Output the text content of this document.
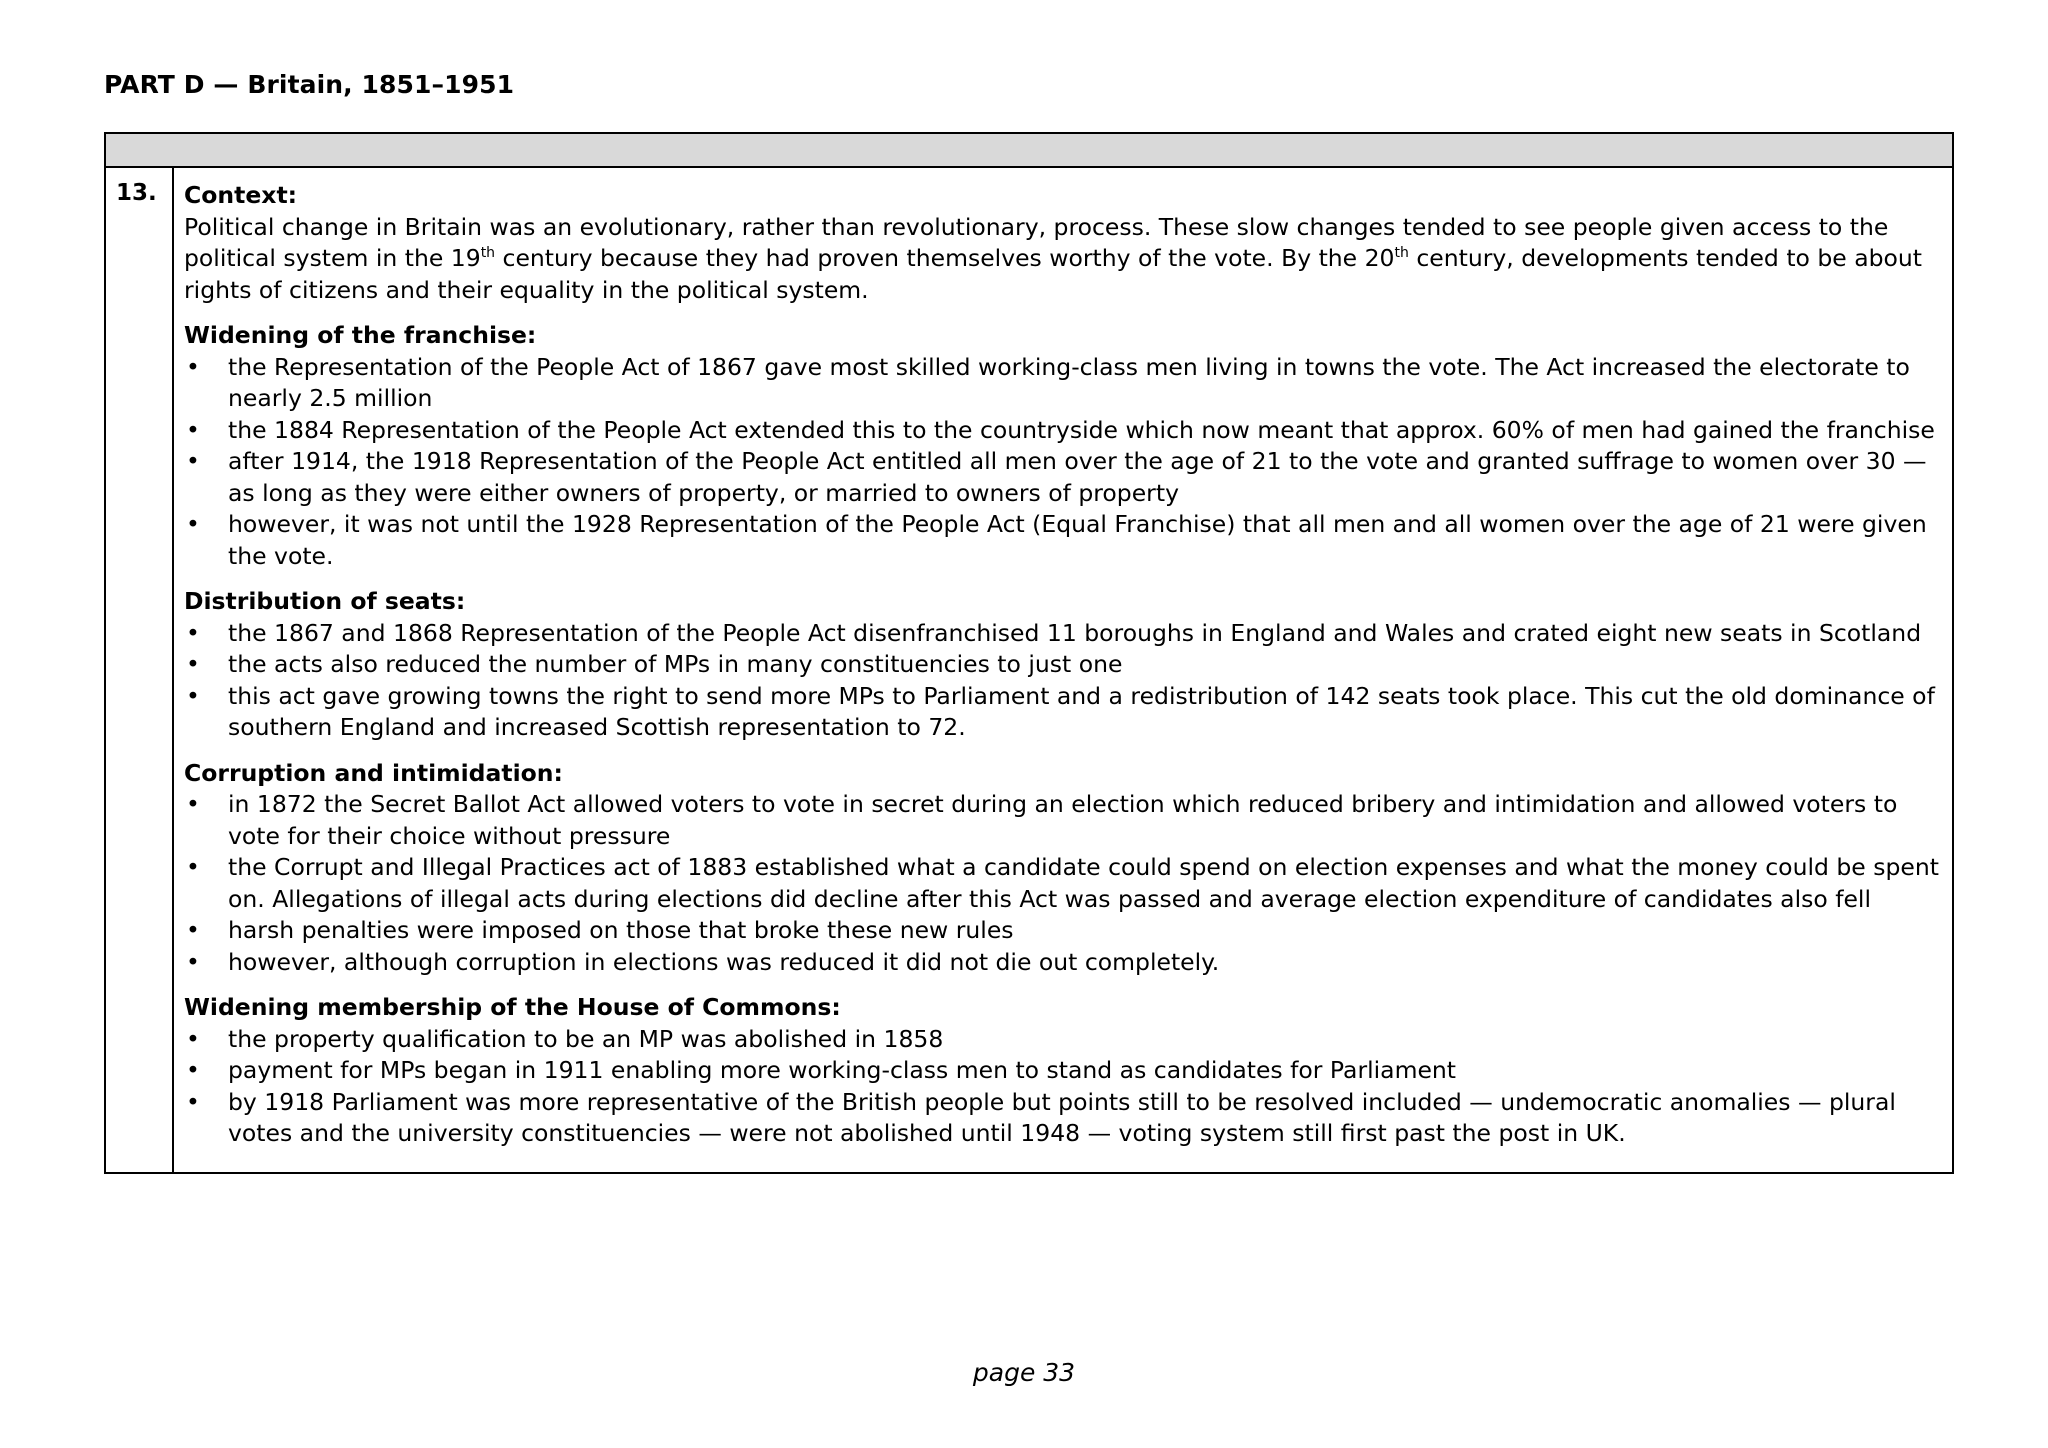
PART D — Britain, 1851–1951
13.	Context:

Political change in Britain was an evolutionary, rather than revolutionary, process. These slow changes tended to see people given access to the political system in the 19th century because they had proven themselves worthy of the vote. By the 20th century, developments tended to be about rights of citizens and their equality in the political system.

Widening of the franchise:
• the Representation of the People Act of 1867 gave most skilled working-class men living in towns the vote. The Act increased the electorate to nearly 2.5 million
• the 1884 Representation of the People Act extended this to the countryside which now meant that approx. 60% of men had gained the franchise
• after 1914, the 1918 Representation of the People Act entitled all men over the age of 21 to the vote and granted suffrage to women over 30 — as long as they were either owners of property, or married to owners of property
• however, it was not until the 1928 Representation of the People Act (Equal Franchise) that all men and all women over the age of 21 were given the vote.
Distribution of seats:
• the 1867 and 1868 Representation of the People Act disenfranchised 11 boroughs in England and Wales and crated eight new seats in Scotland
• the acts also reduced the number of MPs in many constituencies to just one
• this act gave growing towns the right to send more MPs to Parliament and a redistribution of 142 seats took place. This cut the old dominance of southern England and increased Scottish representation to 72.
Corruption and intimidation:
• in 1872 the Secret Ballot Act allowed voters to vote in secret during an election which reduced bribery and intimidation and allowed voters to vote for their choice without pressure
• the Corrupt and Illegal Practices act of 1883 established what a candidate could spend on election expenses and what the money could be spent on. Allegations of illegal acts during elections did decline after this Act was passed and average election expenditure of candidates also fell
• harsh penalties were imposed on those that broke these new rules
• however, although corruption in elections was reduced it did not die out completely.
Widening membership of the House of Commons:
• the property qualification to be an MP was abolished in 1858
• payment for MPs began in 1911 enabling more working-class men to stand as candidates for Parliament
• by 1918 Parliament was more representative of the British people but points still to be resolved included — undemocratic anomalies — plural votes and the university constituencies — were not abolished until 1948 — voting system still first past the post in UK.
page 33
